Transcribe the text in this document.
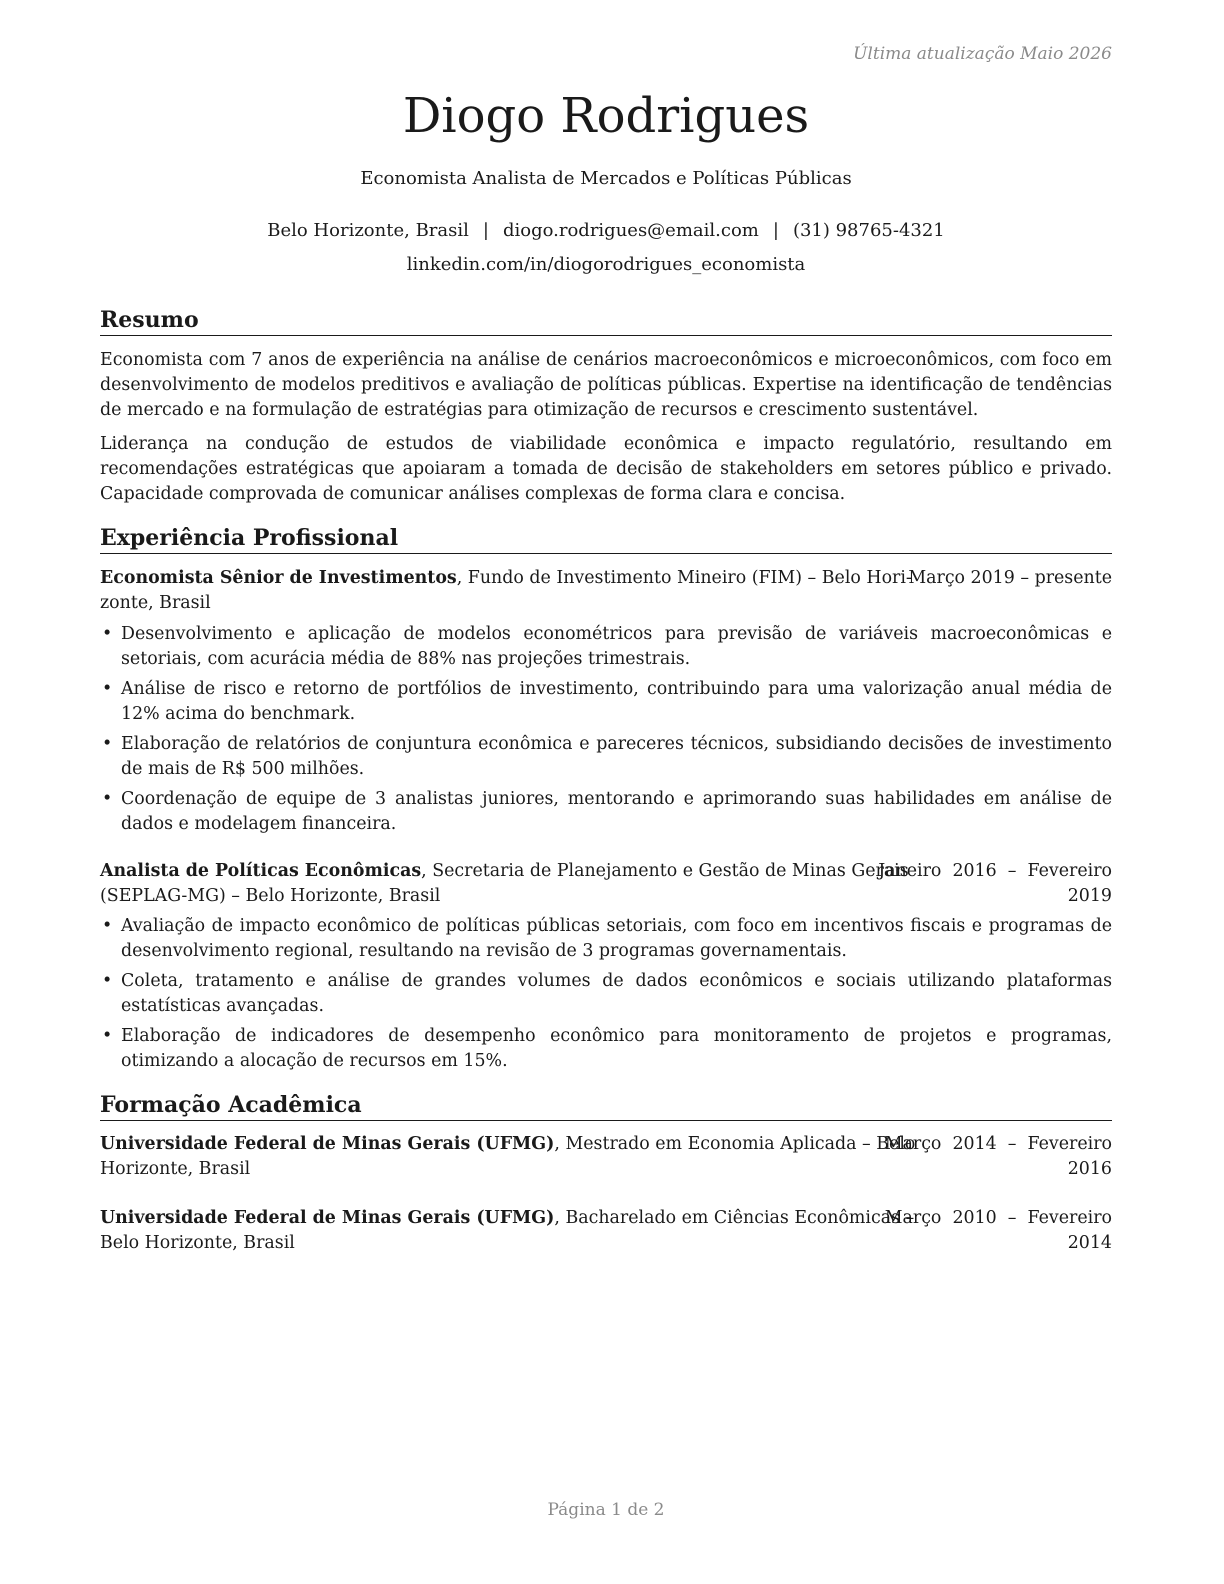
Última atualização Maio 2026
Diogo Rodrigues
Economista Analista de Mercados e Políticas Públicas
Belo Horizonte, Brasil | diogo.rodrigues@email.com | (31) 98765-4321
linkedin.com/in/diogorodrigues_economista
Resumo
Economista com 7 anos de experiência na análise de cenários macroeconômicos e microeconômicos, com foco em desenvolvimento de modelos preditivos e avaliação de políticas públicas. Expertise na identificação de tendências de mercado e na formulação de estratégias para otimização de recursos e crescimento sustentável.
Liderança na condução de estudos de viabilidade econômica e impacto regulatório, resultando em recomendações estratégicas que apoiaram a tomada de decisão de stakeholders em setores público e privado. Capacidade comprovada de comunicar análises complexas de forma clara e concisa.
Experiência Profissional
Economista Sênior de Investimentos, Fundo de Investimento Mineiro (FIM) – Belo Hori-
Março 2019 – presente
zonte, Brasil
• Desenvolvimento e aplicação de modelos econométricos para previsão de variáveis macroeconômicas e setoriais, com acurácia média de 88% nas projeções trimestrais.
• Análise de risco e retorno de portfólios de investimento, contribuindo para uma valorização anual média de 12% acima do benchmark.
• Elaboração de relatórios de conjuntura econômica e pareceres técnicos, subsidiando decisões de investimento de mais de R$ 500 milhões.
• Coordenação de equipe de 3 analistas juniores, mentorando e aprimorando suas habilidades em análise de dados e modelagem financeira.
Analista de Políticas Econômicas, Secretaria de Planejamento e Gestão de Minas Gerais
Janeiro  2016  –  Fevereiro
(SEPLAG-MG) – Belo Horizonte, Brasil	2019
• Avaliação de impacto econômico de políticas públicas setoriais, com foco em incentivos fiscais e programas de desenvolvimento regional, resultando na revisão de 3 programas governamentais.
• Coleta, tratamento e análise de grandes volumes de dados econômicos e sociais utilizando plataformas estatísticas avançadas.
• Elaboração de indicadores de desempenho econômico para monitoramento de projetos e programas, otimizando a alocação de recursos em 15%.
Formação Acadêmica
Universidade Federal de Minas Gerais (UFMG), Mestrado em Economia Aplicada – Belo
Março  2014  –  Fevereiro
Horizonte, Brasil	2016
Universidade Federal de Minas Gerais (UFMG), Bacharelado em Ciências Econômicas –
Março  2010  –  Fevereiro
Belo Horizonte, Brasil	2014
Página 1 de 2
